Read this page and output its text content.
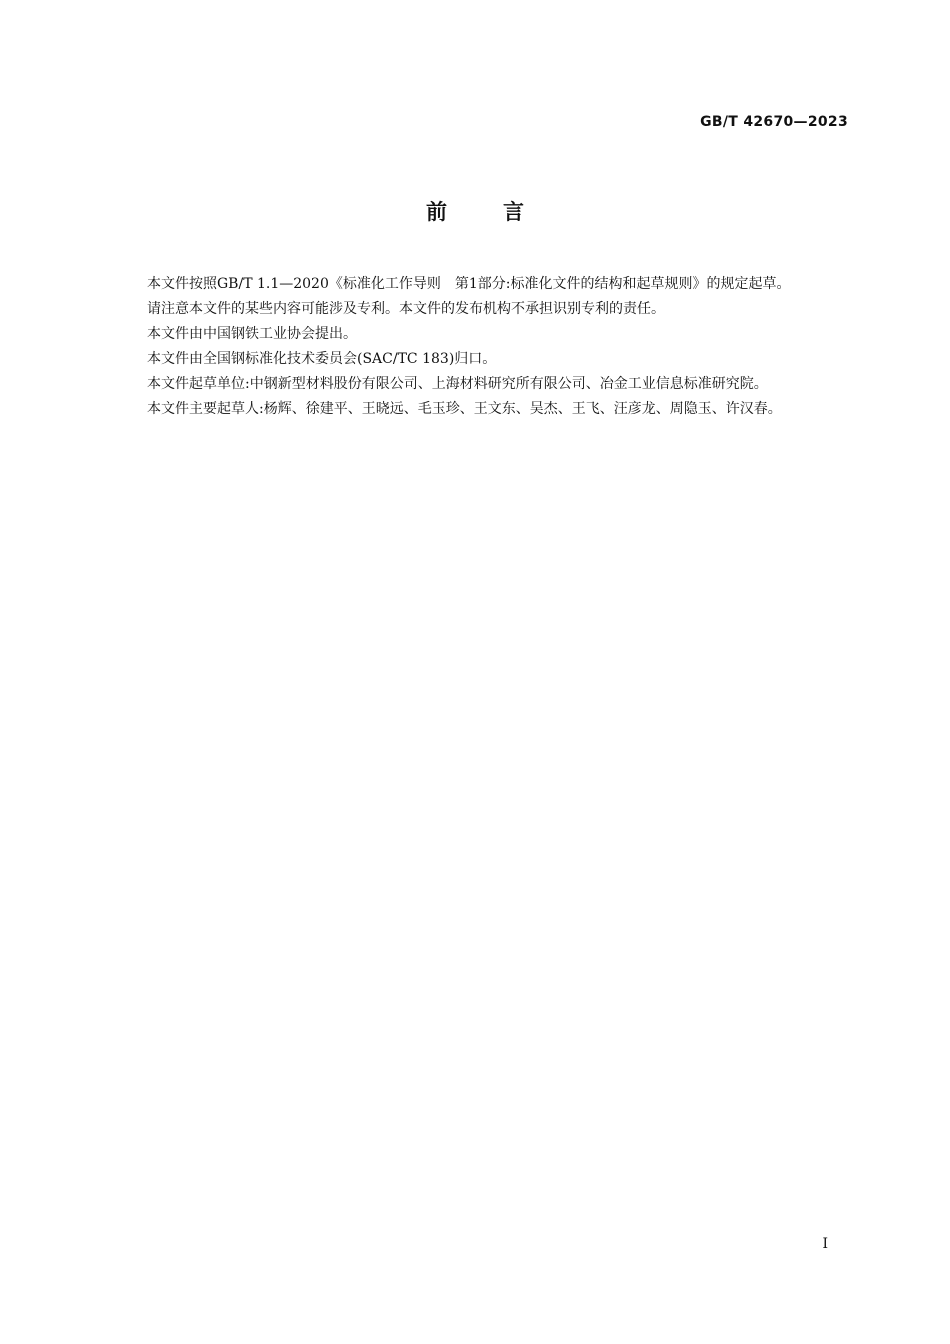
GB/T 42670—2023
前言

本文件按照GB/T 1.1—2020《标准化工作导则　第1部分:标准化文件的结构和起草规则》的规定起草。

请注意本文件的某些内容可能涉及专利。本文件的发布机构不承担识别专利的责任。

本文件由中国钢铁工业协会提出。

本文件由全国钢标准化技术委员会(SAC/TC 183)归口。

本文件起草单位:中钢新型材料股份有限公司、上海材料研究所有限公司、冶金工业信息标准研究院。

本文件主要起草人:杨辉、徐建平、王晓远、毛玉珍、王文东、吴杰、王飞、汪彦龙、周隐玉、许汉春。

I
